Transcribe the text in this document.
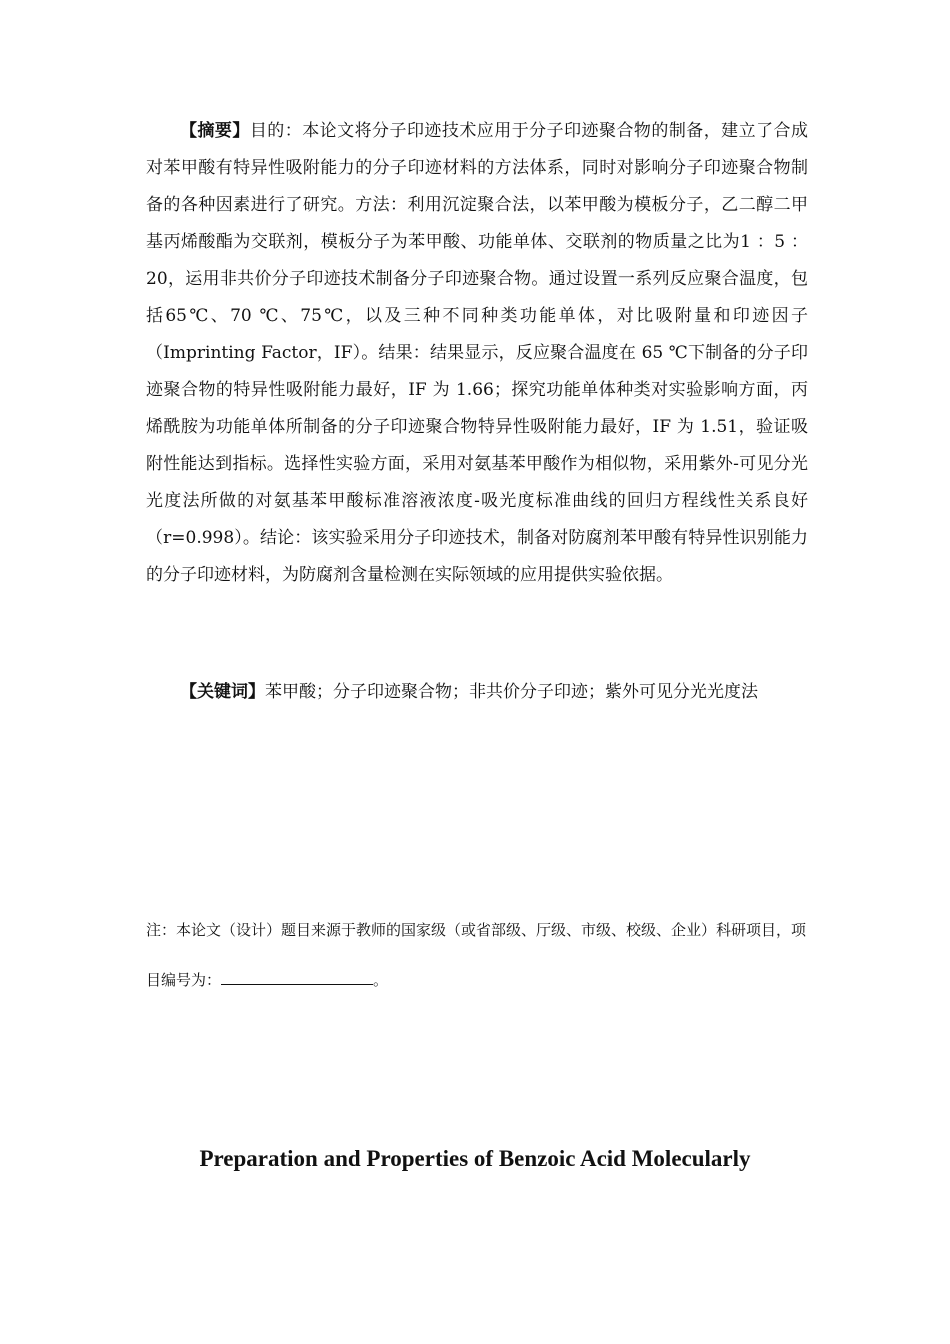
【摘要】目的：本论文将分子印迹技术应用于分子印迹聚合物的制备，建立了合成对苯甲酸有特异性吸附能力的分子印迹材料的方法体系，同时对影响分子印迹聚合物制备的各种因素进行了研究。方法：利用沉淀聚合法，以苯甲酸为模板分子，乙二醇二甲基丙烯酸酯为交联剂，模板分子为苯甲酸、功能单体、交联剂的物质量之比为1 ：5 ：20，运用非共价分子印迹技术制备分子印迹聚合物。通过设置一系列反应聚合温度，包括65℃、70 ℃、75℃，以及三种不同种类功能单体，对比吸附量和印迹因子（Imprinting Factor，IF）。结果：结果显示，反应聚合温度在 65 ℃下制备的分子印迹聚合物的特异性吸附能力最好，IF 为 1.66；探究功能单体种类对实验影响方面，丙烯酰胺为功能单体所制备的分子印迹聚合物特异性吸附能力最好，IF 为 1.51，验证吸附性能达到指标。选择性实验方面，采用对氨基苯甲酸作为相似物，采用紫外-可见分光光度法所做的对氨基苯甲酸标准溶液浓度-吸光度标准曲线的回归方程线性关系良好（r=0.998）。结论：该实验采用分子印迹技术，制备对防腐剂苯甲酸有特异性识别能力的分子印迹材料，为防腐剂含量检测在实际领域的应用提供实验依据。

【关键词】苯甲酸；分子印迹聚合物；非共价分子印迹；紫外可见分光光度法

注：本论文（设计）题目来源于教师的国家级（或省部级、厅级、市级、校级、企业）科研项目，项目编号为：	。

Preparation and Properties of Benzoic Acid Molecularly
